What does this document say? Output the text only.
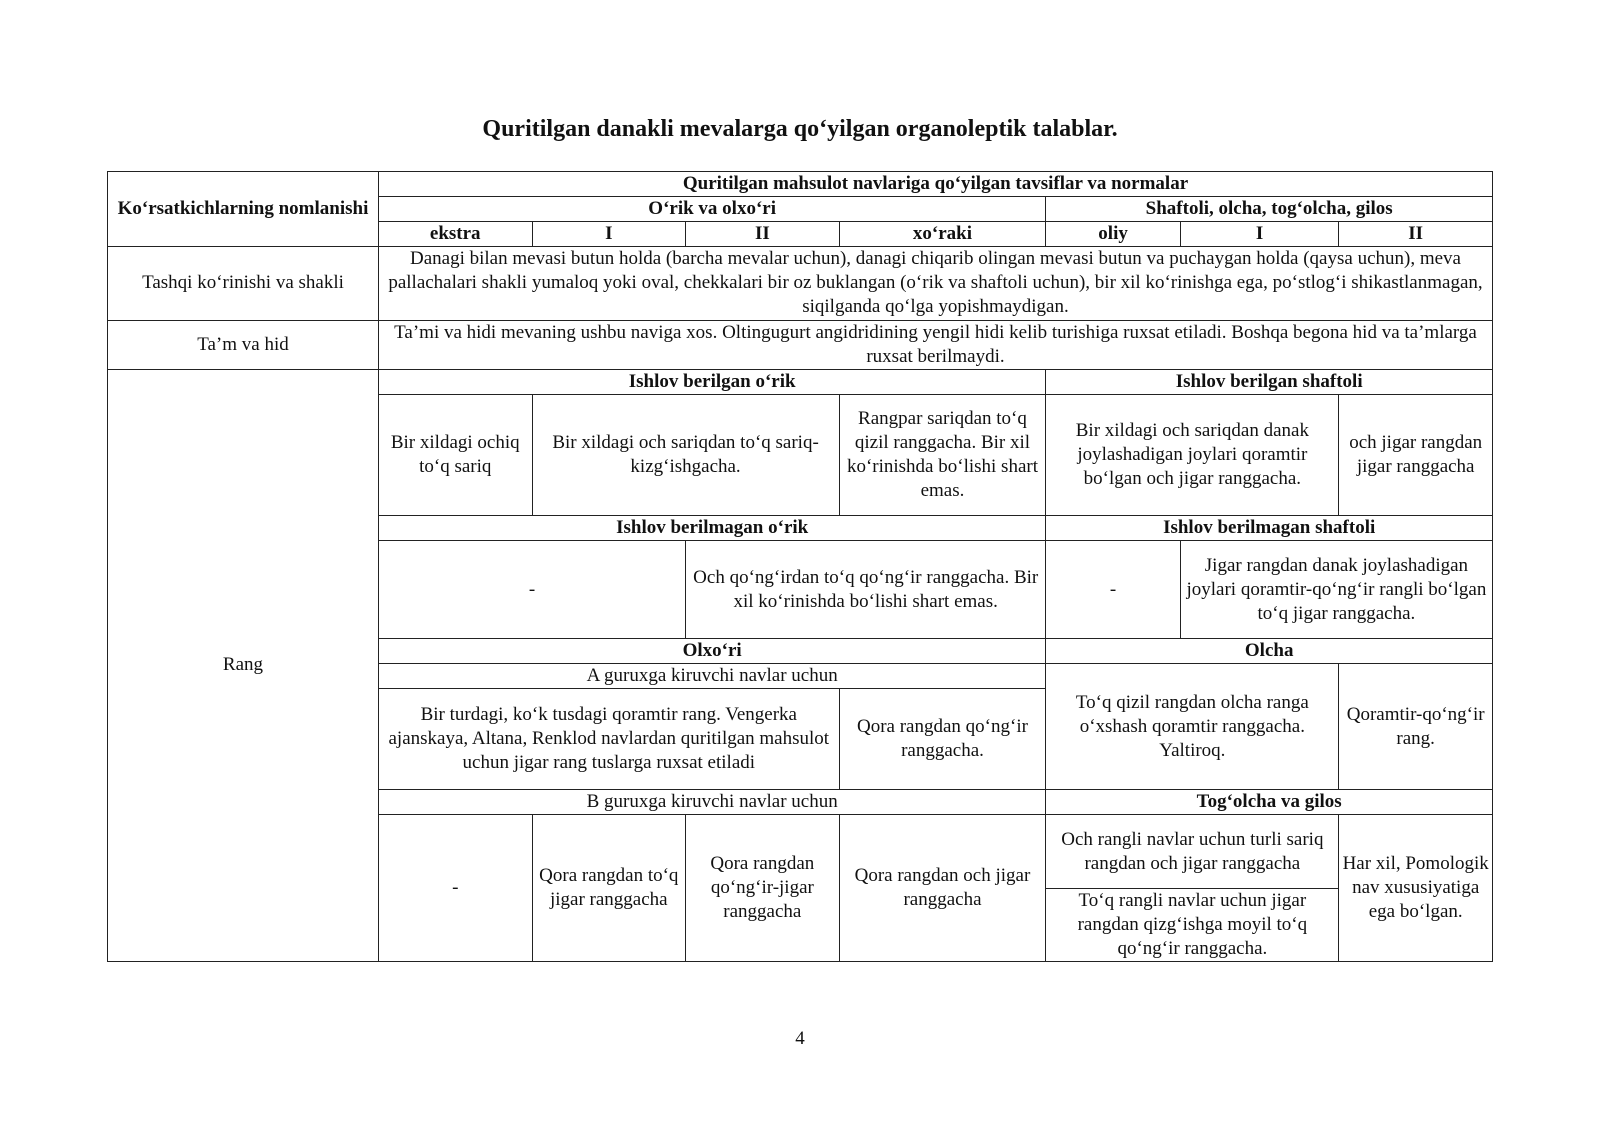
Quritilgan danakli mevalarga qo‘yilgan organoleptik talablar.
Ko‘rsatkichlarning nomlanishi	Quritilgan mahsulot navlariga qo‘yilgan tavsiflar va normalar						
	O‘rik va olxo‘ri				Shaftoli, olcha, tog‘olcha, gilos		
	ekstra	I	II	xo‘raki	oliy	I	II
Tashqi ko‘rinishi va shakli	Danagi bilan mevasi butun holda (barcha mevalar uchun), danagi chiqarib olingan mevasi butun va puchaygan holda (qaysa uchun), meva pallachalari shakli yumaloq yoki oval, chekkalari bir oz buklangan (o‘rik va shaftoli uchun), bir xil ko‘rinishga ega, po‘stlog‘i shikastlanmagan, siqilganda qo‘lga yopishmaydigan.						
Ta’m va hid	Ta’mi va hidi mevaning ushbu naviga xos. Oltingugurt angidridining yengil hidi kelib turishiga ruxsat etiladi. Boshqa begona hid va ta’mlarga ruxsat berilmaydi.						
Rang	Ishlov berilgan o‘rik				Ishlov berilgan shaftoli		
	Bir xildagi ochiq to‘q sariq	Bir xildagi och sariqdan to‘q sariq-kizg‘ishgacha.		Rangpar sariqdan to‘q qizil ranggacha. Bir xil ko‘rinishda bo‘lishi shart emas.	Bir xildagi och sariqdan danak joylashadigan joylari qoramtir bo‘lgan och jigar ranggacha.		och jigar rangdan jigar ranggacha
	Ishlov berilmagan o‘rik				Ishlov berilmagan shaftoli		
	-		Och qo‘ng‘irdan to‘q qo‘ng‘ir ranggacha. Bir xil ko‘rinishda bo‘lishi shart emas.		-	Jigar rangdan danak joylashadigan joylari qoramtir-qo‘ng‘ir rangli bo‘lgan to‘q jigar ranggacha.	
	Olxo‘ri				Olcha		
	A guruxga kiruvchi navlar uchun				To‘q qizil rangdan olcha ranga o‘xshash qoramtir ranggacha. Yaltiroq.		Qoramtir-qo‘ng‘ir rang.
	Bir turdagi, ko‘k tusdagi qoramtir rang. Vengerka ajanskaya, Altana, Renklod navlardan quritilgan mahsulot uchun jigar rang tuslarga ruxsat etiladi			Qora rangdan qo‘ng‘ir ranggacha.			
	B guruxga kiruvchi navlar uchun				Tog‘olcha va gilos		
	-	Qora rangdan to‘q jigar ranggacha	Qora rangdan qo‘ng‘ir-jigar ranggacha	Qora rangdan och jigar ranggacha	Och rangli navlar uchun turli sariq rangdan och jigar ranggacha		Har xil, Pomologik nav xususiyatiga ega bo‘lgan.
					To‘q rangli navlar uchun jigar rangdan qizg‘ishga moyil to‘q qo‘ng‘ir ranggacha.		
4
